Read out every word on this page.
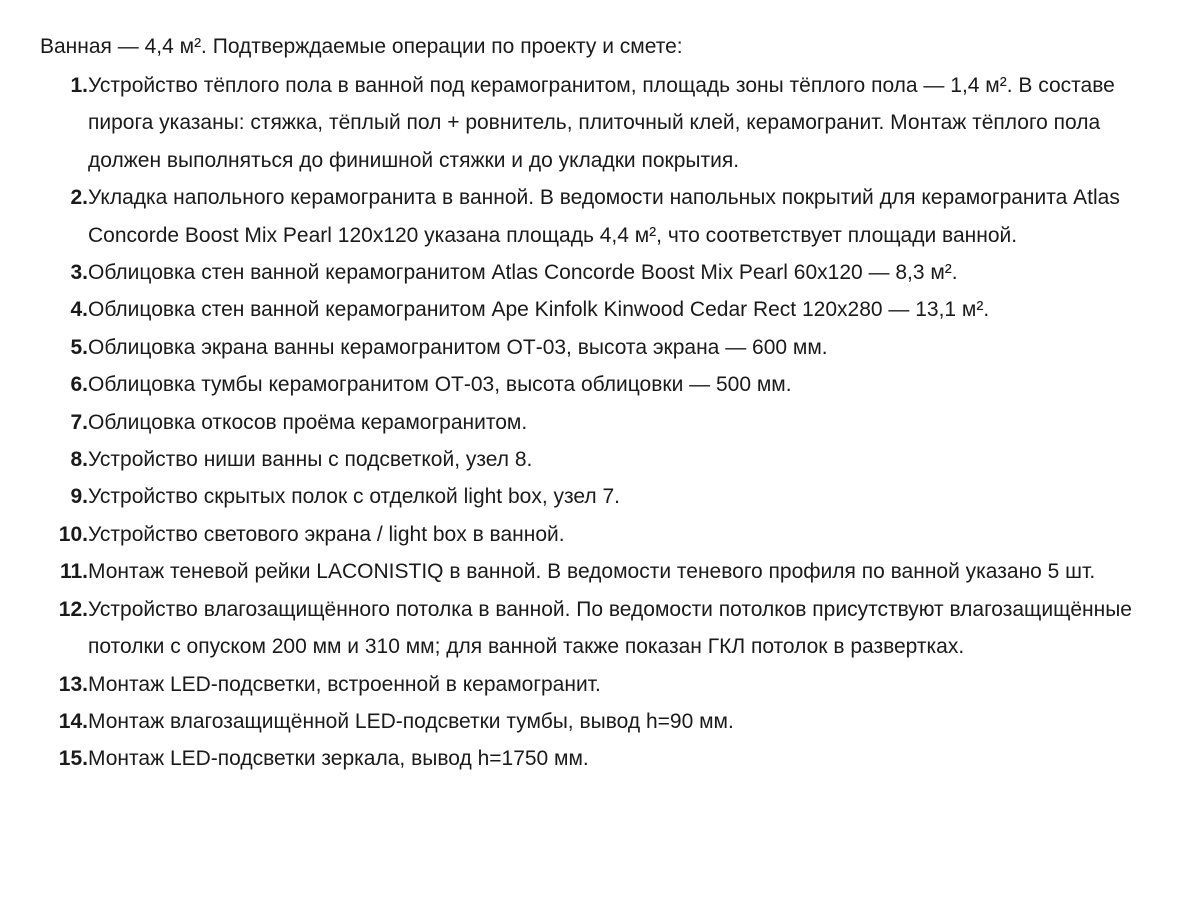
Ванная — 4,4 м². Подтверждаемые операции по проекту и смете:

1. Устройство тёплого пола в ванной под керамогранитом, площадь зоны тёплого пола — 1,4 м². В составе пирога указаны: стяжка, тёплый пол + ровнитель, плиточный клей, керамогранит. Монтаж тёплого пола должен выполняться до финишной стяжки и до укладки покрытия.
2. Укладка напольного керамогранита в ванной. В ведомости напольных покрытий для керамогранита Atlas Concorde Boost Mix Pearl 120x120 указана площадь 4,4 м², что соответствует площади ванной.
3. Облицовка стен ванной керамогранитом Atlas Concorde Boost Mix Pearl 60x120 — 8,3 м².
4. Облицовка стен ванной керамогранитом Ape Kinfolk Kinwood Cedar Rect 120x280 — 13,1 м².
5. Облицовка экрана ванны керамогранитом ОТ-03, высота экрана — 600 мм.
6. Облицовка тумбы керамогранитом ОТ-03, высота облицовки — 500 мм.
7. Облицовка откосов проёма керамогранитом.
8. Устройство ниши ванны с подсветкой, узел 8.
9. Устройство скрытых полок с отделкой light box, узел 7.
10. Устройство светового экрана / light box в ванной.
11. Монтаж теневой рейки LACONISTIQ в ванной. В ведомости теневого профиля по ванной указано 5 шт.
12. Устройство влагозащищённого потолка в ванной. По ведомости потолков присутствуют влагозащищённые потолки с опуском 200 мм и 310 мм; для ванной также показан ГКЛ потолок в развертках.
13. Монтаж LED-подсветки, встроенной в керамогранит.
14. Монтаж влагозащищённой LED-подсветки тумбы, вывод h=90 мм.
15. Монтаж LED-подсветки зеркала, вывод h=1750 мм.
